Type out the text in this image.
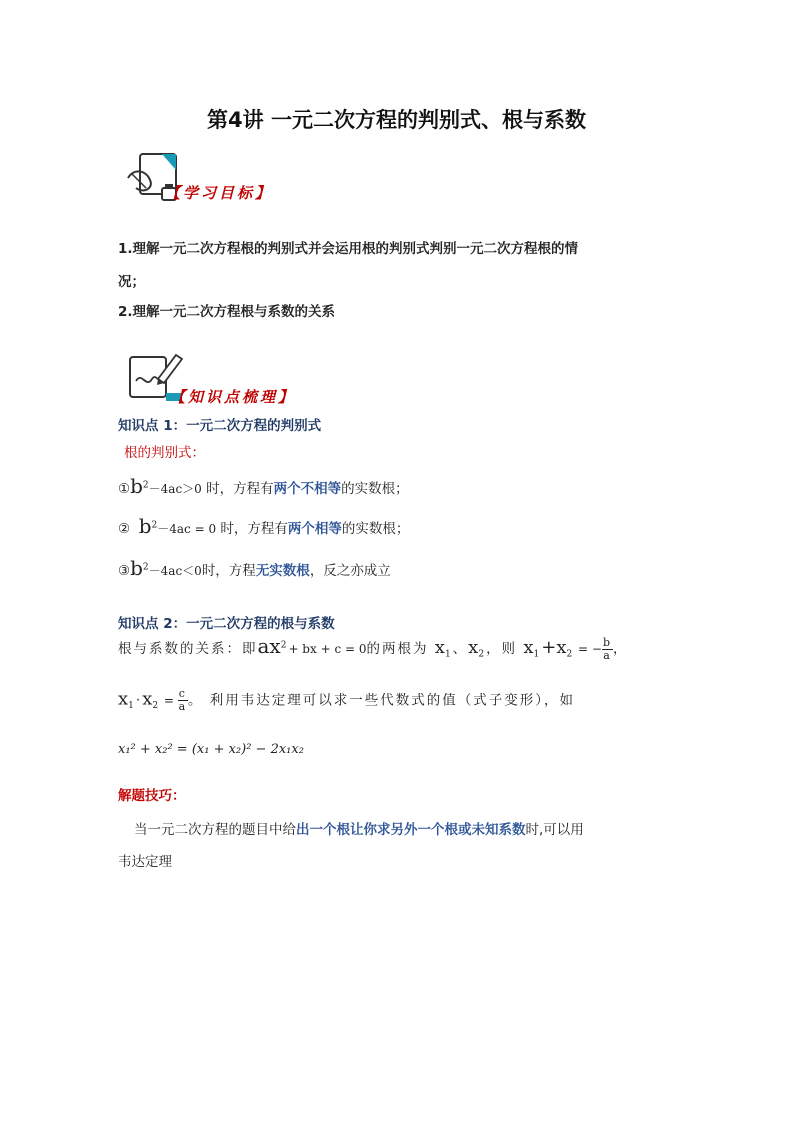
第4讲 一元二次方程的判别式、根与系数
【学习目标】
1.理解一元二次方程根的判别式并会运用根的判别式判别一元二次方程根的情
况；
2.理解一元二次方程根与系数的关系
【知识点梳理】
知识点 1：一元二次方程的判别式
根的判别式：
$①b^2-4ac>0$ 时，方程有两个不相等的实数根；
② $b^2-4ac = 0$ 时，方程有两个相等的实数根；
$③b^2-4ac<0$时，方程无实数根，反之亦成立
知识点 2：一元二次方程的根与系数
根与系数的关系：即$ax^2+$ bx + c = 0的两根为 $x_1$、$x_2$，则 $x_1+x_2$ = − $\frac{b}{a}$ ，
$x_1\cdot x_2 = \frac{c}{a}$ 。 利用韦达定理可以求一些代数式的值（式子变形），如
x₁² + x₂² = (x₁ + x₂)² − 2x₁x₂
解题技巧：
当一元二次方程的题目中给出一个根让你求另外一个根或未知系数时,可以用
韦达定理
